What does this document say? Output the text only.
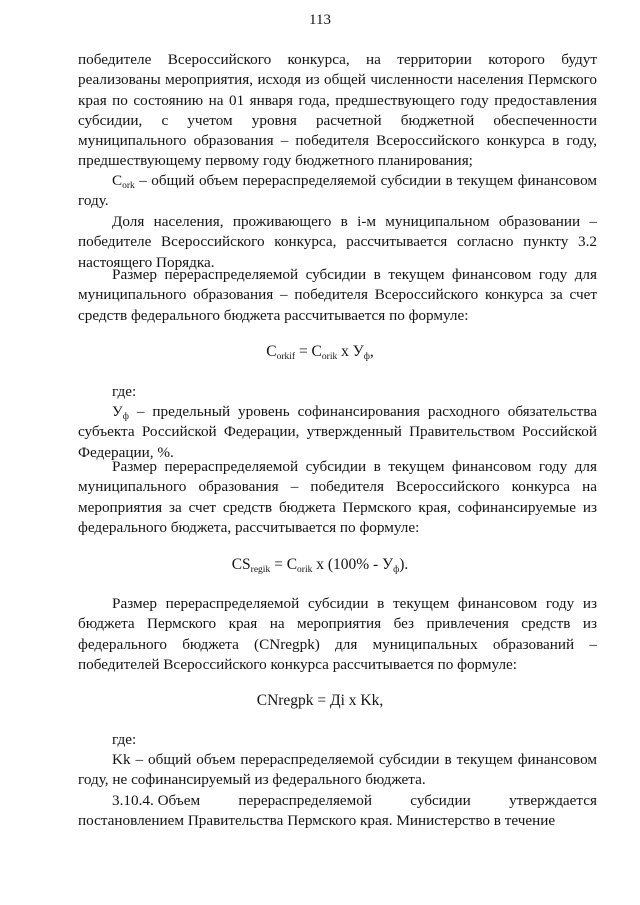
113

победителе Всероссийского конкурса, на территории которого будут реализованы мероприятия, исходя из общей численности населения Пермского края по состоянию на 01 января года, предшествующего году предоставления субсидии, с учетом уровня расчетной бюджетной обеспеченности муниципального образования – победителя Всероссийского конкурса в году, предшествующему первому году бюджетного планирования;

$C_{ork}$ – общий объем перераспределяемой субсидии в текущем финансовом году.

Доля населения, проживающего в i-м муниципальном образовании – победителе Всероссийского конкурса, рассчитывается согласно пункту 3.2 настоящего Порядка.

Размер перераспределяемой субсидии в текущем финансовом году для муниципального образования – победителя Всероссийского конкурса за счет средств федерального бюджета рассчитывается по формуле:

$C_{orkif} = C_{orik}$ x $У_ф$,
где:

$У_ф$ – предельный уровень софинансирования расходного обязательства субъекта Российской Федерации, утвержденный Правительством Российской Федерации, %.

Размер перераспределяемой субсидии в текущем финансовом году для муниципального образования – победителя Всероссийского конкурса на мероприятия за счет средств бюджета Пермского края, софинансируемые из федерального бюджета, рассчитывается по формуле:

$CS_{regik} = C_{orik}$ x $(100\% - У_ф)$.

Размер перераспределяемой субсидии в текущем финансовом году из бюджета Пермского края на мероприятия без привлечения средств из федерального бюджета (CNregpk) для муниципальных образований – победителей Всероссийского конкурса рассчитывается по формуле:

CNregpk = Дi x Kk,
где:

Kk – общий объем перераспределяемой субсидии в текущем финансовом году, не софинансируемый из федерального бюджета.

3.10.4. Объем	перераспределяемой	субсидии	утверждается
постановлением Правительства Пермского края. Министерство в течение
